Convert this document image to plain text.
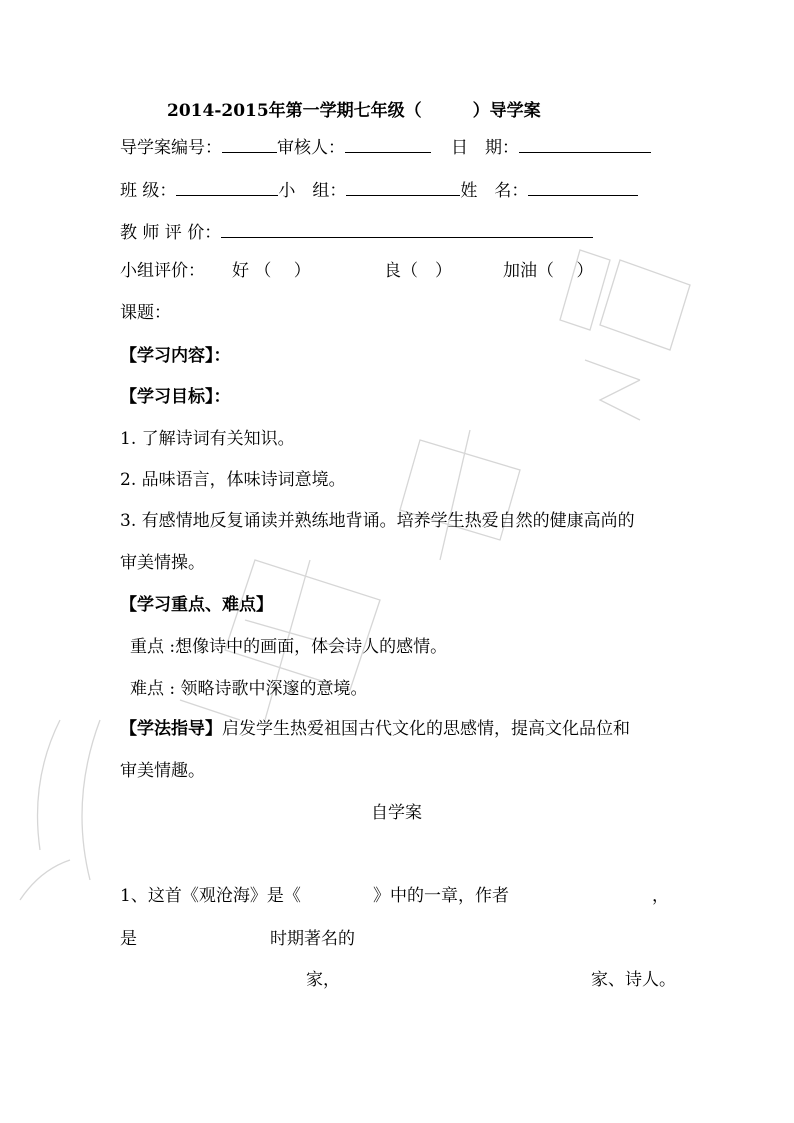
2014-2015年第一学期七年级（　　　）导学案
导学案编号：	审核人：	日　期：
班 级：	小　组：	姓　名：
教 师 评 价：
小组评价： 好 （　 ）	良（　）	加油（　 ）
课题：
【学习内容】：
【学习目标】：
1. 了解诗词有关知识。
2. 品味语言，体味诗词意境。
3. 有感情地反复诵读并熟练地背诵。培养学生热爱自然的健康高尚的
审美情操。
【学习重点、难点】
重点 :想像诗中的画面，体会诗人的感情。
难点 : 领略诗歌中深邃的意境。
【学法指导】启发学生热爱祖国古代文化的思感情，提高文化品位和
审美情趣。
自学案
1、这首《观沧海》是《	》中的一章，作者	，
是	时期著名的
家，	家、诗人。
